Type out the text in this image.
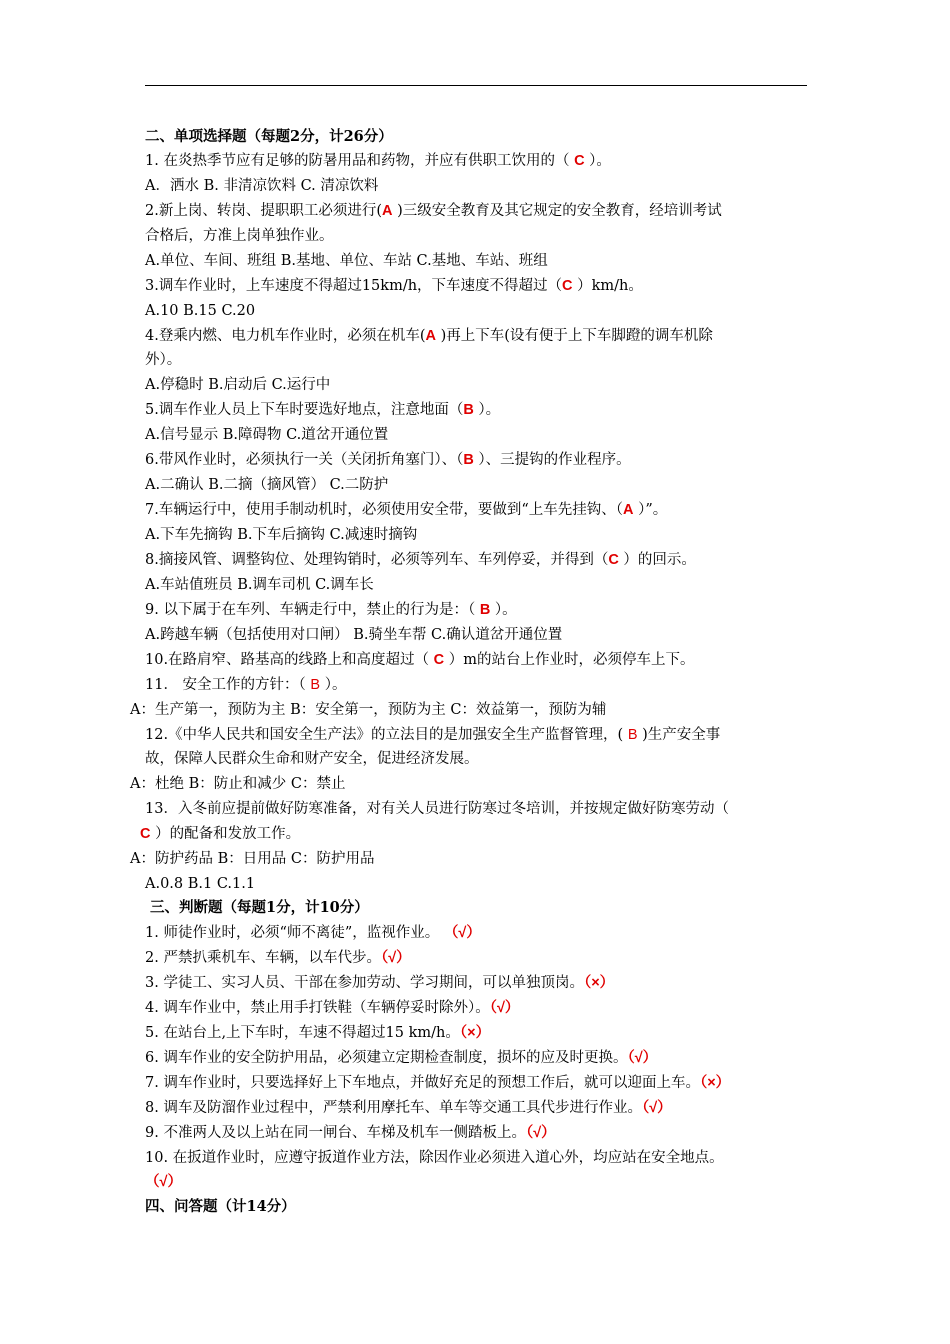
二、单项选择题（每题2分，计26分）
1. 在炎热季节应有足够的防暑用品和药物，并应有供职工饮用的（ C ）。
A．洒水 B. 非清凉饮料 C. 清凉饮料
2.新上岗、转岗、提职职工必须进行(A )三级安全教育及其它规定的安全教育，经培训考试
合格后，方准上岗单独作业。
A.单位、车间、班组 B.基地、单位、车站 C.基地、车站、班组
3.调车作业时，上车速度不得超过15km/h，下车速度不得超过（C ）km/h。
A.10 B.15 C.20
4.登乘内燃、电力机车作业时，必须在机车(A )再上下车(设有便于上下车脚蹬的调车机除
外）。
A.停稳时 B.启动后 C.运行中
5.调车作业人员上下车时要选好地点，注意地面（B ）。
A.信号显示 B.障碍物 C.道岔开通位置
6.带风作业时，必须执行一关（关闭折角塞门）、（B ）、三提钩的作业程序。
A.二确认 B.二摘（摘风管） C.二防护
7.车辆运行中，使用手制动机时，必须使用安全带，要做到“上车先挂钩、（A ）”。
A.下车先摘钩 B.下车后摘钩 C.减速时摘钩
8.摘接风管、调整钩位、处理钩销时，必须等列车、车列停妥，并得到（C ）的回示。
A.车站值班员 B.调车司机 C.调车长
9. 以下属于在车列、车辆走行中，禁止的行为是：（ B ）。
A.跨越车辆（包括使用对口闸） B.骑坐车帮 C.确认道岔开通位置
10.在路肩窄、路基高的线路上和高度超过（ C ）m的站台上作业时，必须停车上下。
11． 安全工作的方针：（ B ）。
A：生产第一，预防为主 B：安全第一，预防为主 C：效益第一，预防为辅
12.《中华人民共和国安全生产法》的立法目的是加强安全生产监督管理，( B )生产安全事
故，保障人民群众生命和财产安全，促进经济发展。
A：杜绝 B：防止和减少 C：禁止
13．入冬前应提前做好防寒准备，对有关人员进行防寒过冬培训，并按规定做好防寒劳动（
C ）的配备和发放工作。
A：防护药品 B：日用品 C：防护用品
A.0.8 B.1 C.1.1
三、判断题（每题1分，计10分）
1. 师徒作业时，必须“师不离徒”，监视作业。 （√）
2. 严禁扒乘机车、车辆，以车代步。（√）
3. 学徒工、实习人员、干部在参加劳动、学习期间，可以单独顶岗。（×）
4. 调车作业中，禁止用手打铁鞋（车辆停妥时除外）。（√）
5. 在站台上,上下车时，车速不得超过15 km/h。（×）
6. 调车作业的安全防护用品，必须建立定期检查制度，损坏的应及时更换。（√）
7. 调车作业时，只要选择好上下车地点，并做好充足的预想工作后，就可以迎面上车。（×）
8. 调车及防溜作业过程中，严禁利用摩托车、单车等交通工具代步进行作业。（√）
9. 不准两人及以上站在同一闸台、车梯及机车一侧踏板上。（√）
10. 在扳道作业时，应遵守扳道作业方法，除因作业必须进入道心外，均应站在安全地点。
（√）
四、问答题（计14分）
